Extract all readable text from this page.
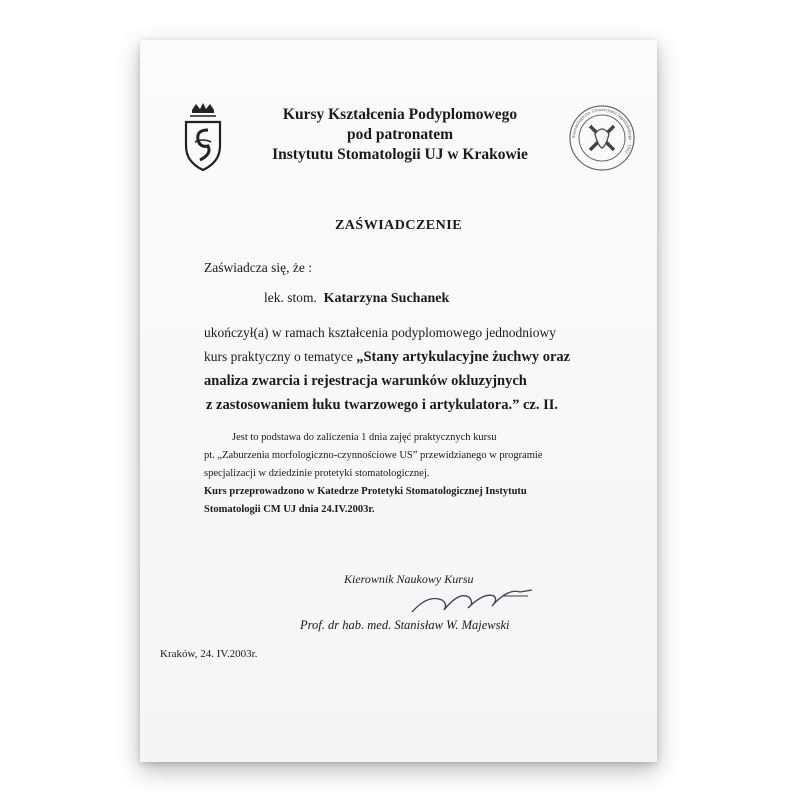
Kursy Kształcenia Podyplomowego
pod patronatem
Instytutu Stomatologii UJ w Krakowie
Stomatologiczne Uniwersytetu Jagiellońskiego · 1992 ·
ZAŚWIADCZENIE
Zaświadcza się, że :
lek. stom. Katarzyna Suchanek
ukończył(a) w ramach kształcenia podyplomowego jednodniowy
kurs praktyczny o tematyce „Stany artykulacyjne żuchwy oraz
analiza zwarcia i rejestracja warunków okluzyjnych
z zastosowaniem łuku twarzowego i artykulatora.” cz. II.
Jest to podstawa do zaliczenia 1 dnia zajęć praktycznych kursu
pt. „Zaburzenia morfologiczno-czynnościowe US” przewidzianego w programie
specjalizacji w dziedzinie protetyki stomatologicznej.
Kurs przeprowadzono w Katedrze Protetyki Stomatologicznej Instytutu
Stomatologii CM UJ dnia 24.IV.2003r.
Kierownik Naukowy Kursu
Prof. dr hab. med. Stanisław W. Majewski
Kraków, 24. IV.2003r.
